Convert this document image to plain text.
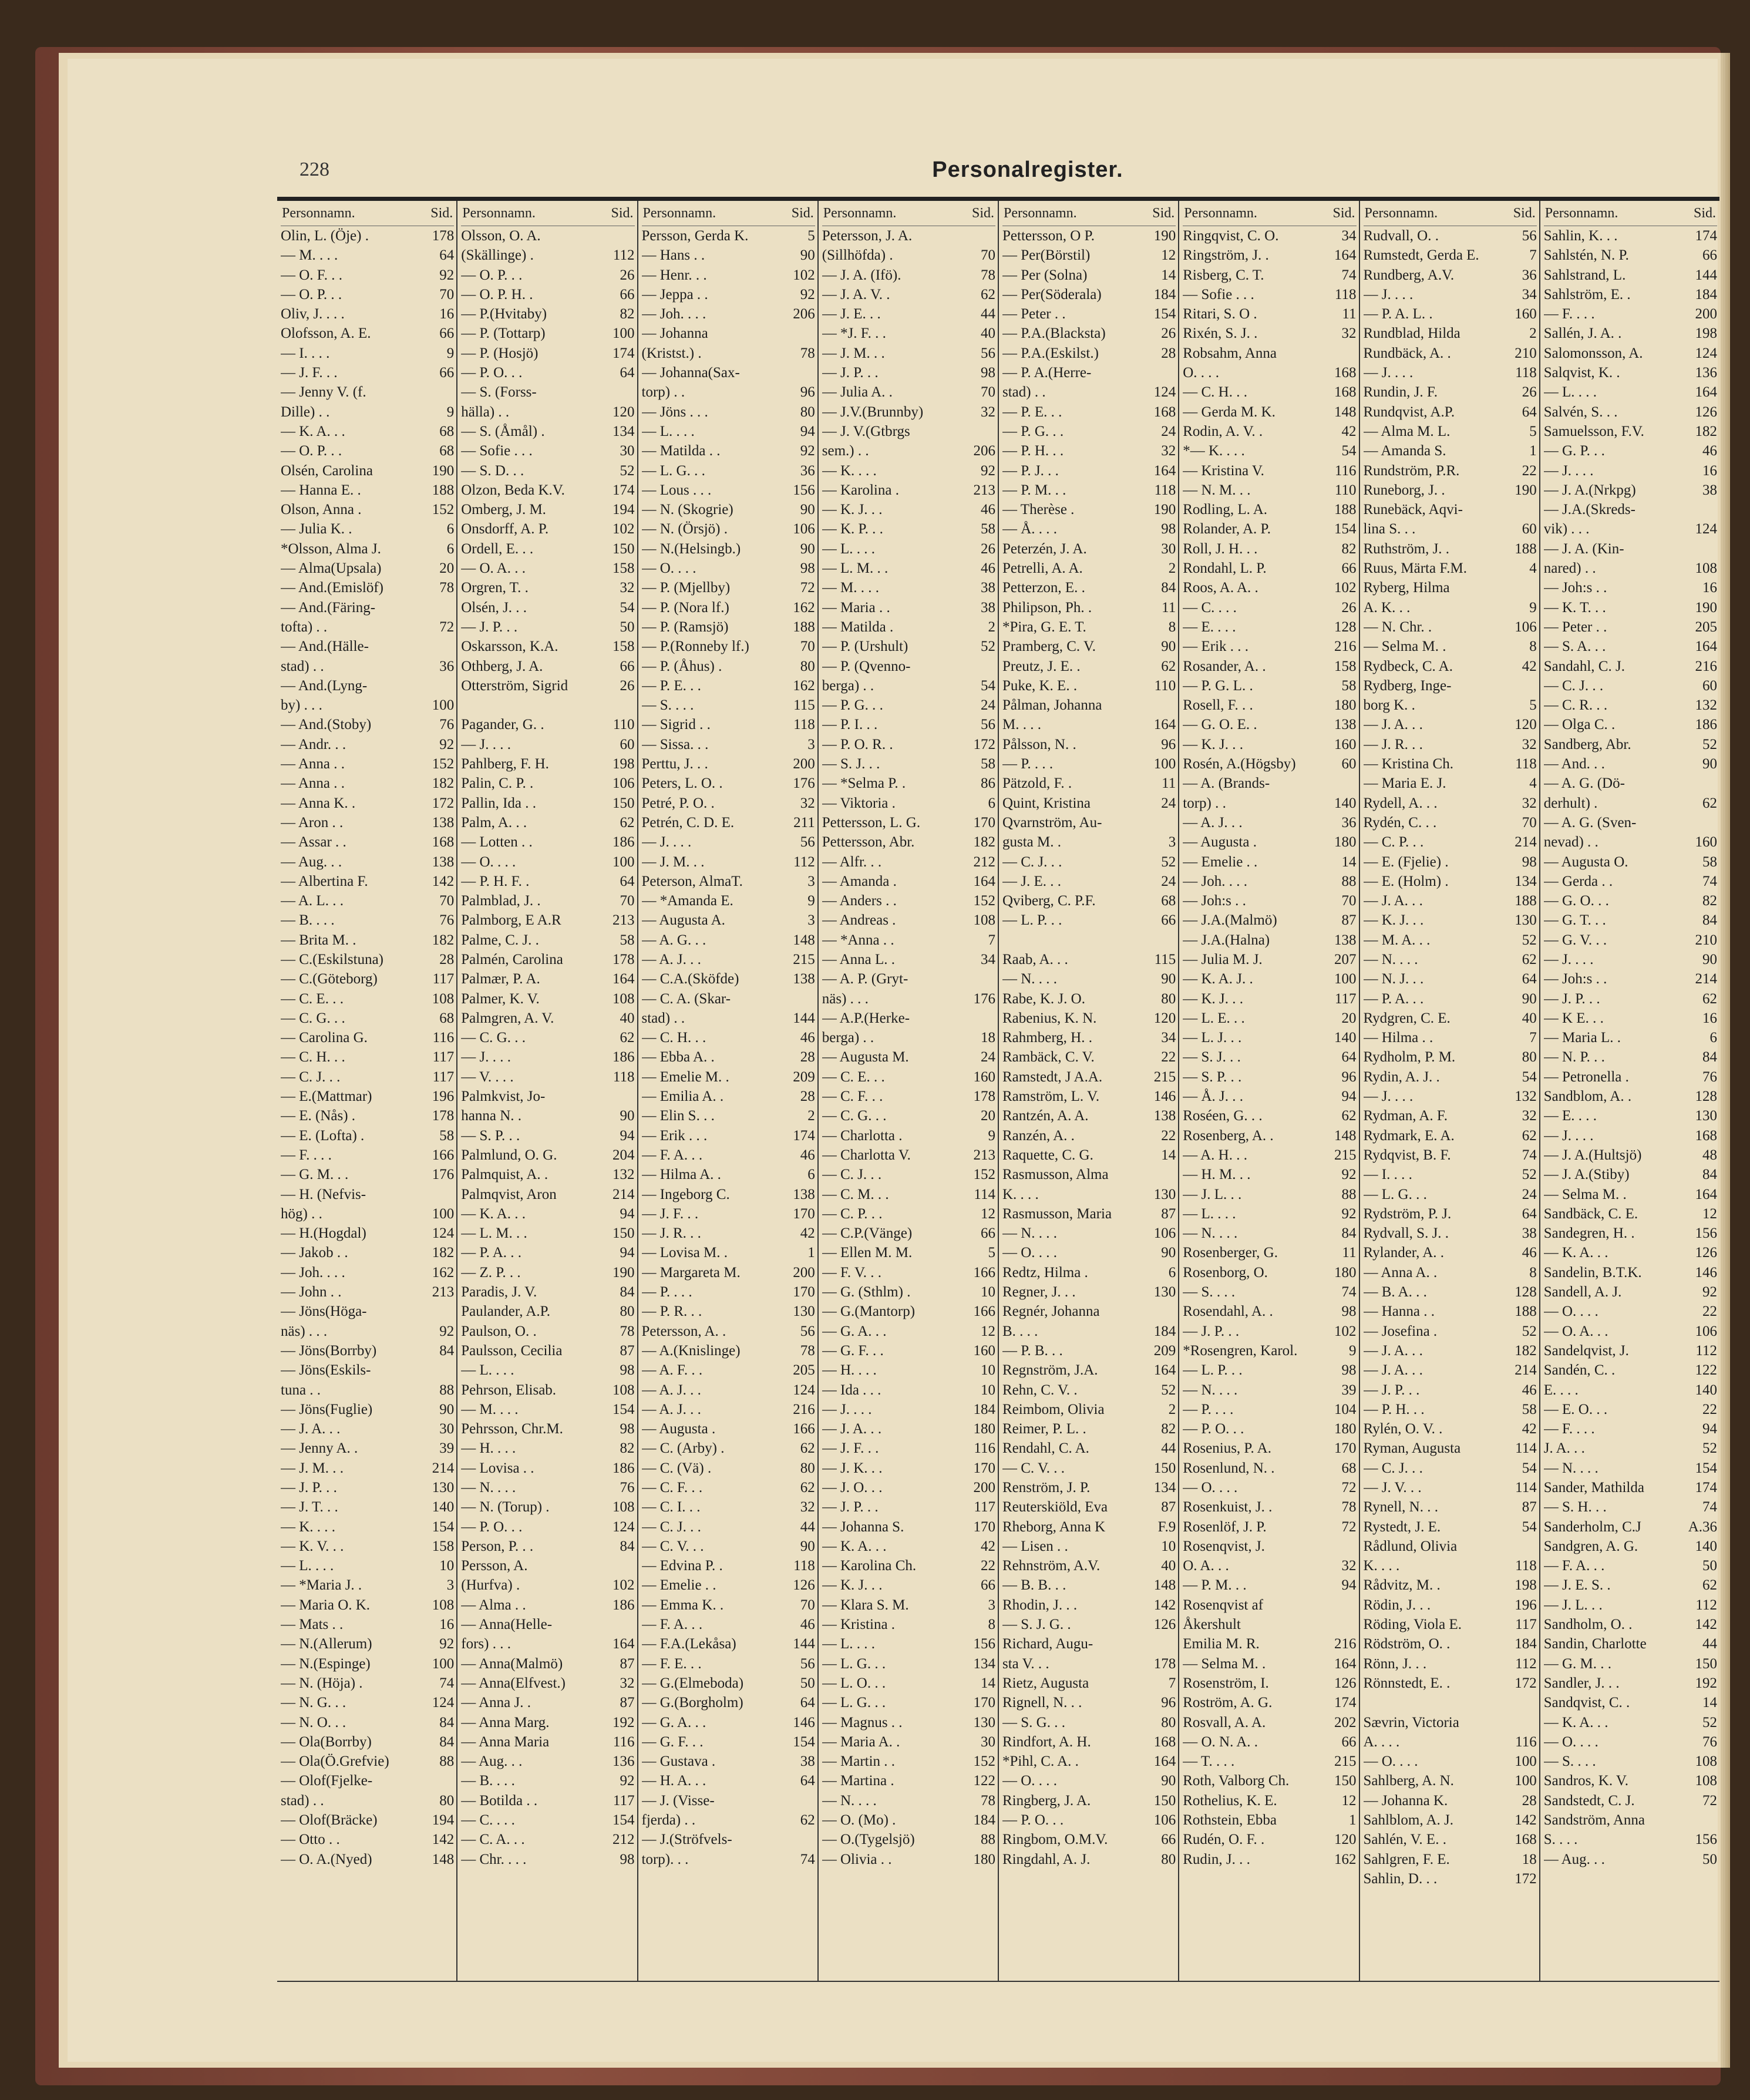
228	Personalregister.
Personnamn.	Sid.
Olin, L. (Öje) .	178
— M. . . .	64
— O. F. . .	92
— O. P. . .	70
Oliv, J. . . .	16
Olofsson, A. E.	66
— I. . . .	9
— J. F. . .	66
— Jenny V. (f.
Dille) . .	9
— K. A. . .	68
— O. P. . .	68
Olsén, Carolina	190
— Hanna E. .	188
Olson, Anna .	152
— Julia K. .	6
*Olsson, Alma J.	6
— Alma(Upsala)	20
— And.(Emislöf)	78
— And.(Färing-
tofta) . .	72
— And.(Hälle-
stad) . .	36
— And.(Lyng-
by) . . .	100
— And.(Stoby)	76
— Andr. . .	92
— Anna . .	152
— Anna . .	182
— Anna K. .	172
— Aron . .	138
— Assar . .	168
— Aug. . .	138
— Albertina F.	142
— A. L. . .	70
— B. . . .	76
— Brita M. .	182
— C.(Eskilstuna)	28
— C.(Göteborg)	117
— C. E. . .	108
— C. G. . .	68
— Carolina G.	116
— C. H. . .	117
— C. J. . .	117
— E.(Mattmar)	196
— E. (Nås) .	178
— E. (Lofta) .	58
— F. . . .	166
— G. M. . .	176
— H. (Nefvis-
hög) . .	100
— H.(Hogdal)	124
— Jakob . .	182
— Joh. . . .	162
— John . .	213
— Jöns(Höga-
näs) . . .	92
— Jöns(Borrby)	84
— Jöns(Eskils-
tuna . .	88
— Jöns(Fuglie)	90
— J. A. . .	30
— Jenny A. .	39
— J. M. . .	214
— J. P. . .	130
— J. T. . .	140
— K. . . .	154
— K. V. . .	158
— L. . . .	10
— *Maria J. .	3
— Maria O. K.	108
— Mats . .	16
— N.(Allerum)	92
— N.(Espinge)	100
— N. (Höja) .	74
— N. G. . .	124
— N. O. . .	84
— Ola(Borrby)	84
— Ola(Ö.Grefvie)	88
— Olof(Fjelke-
stad) . .	80
— Olof(Bräcke)	194
— Otto . .	142
— O. A.(Nyed)	148
Personnamn.	Sid.
Olsson, O. A.
(Skällinge) .	112
— O. P. . .	26
— O. P. H. .	66
— P.(Hvitaby)	82
— P. (Tottarp)	100
— P. (Hosjö)	174
— P. O. . .	64
— S. (Forss-
hälla) . .	120
— S. (Åmål) .	134
— Sofie . . .	30
— S. D. . .	52
Olzon, Beda K.V.	174
Omberg, J. M.	194
Onsdorff, A. P.	102
Ordell, E. . .	150
— O. A. . .	158
Orgren, T. .	32
Olsén, J. . .	54
— J. P. . .	50
Oskarsson, K.A.	158
Othberg, J. A.	66
Otterström, Sigrid	26
Pagander, G. .	110
— J. . . .	60
Pahlberg, F. H.	198
Palin, C. P. .	106
Pallin, Ida . .	150
Palm, A. . .	62
— Lotten . .	186
— O. . . .	100
— P. H. F. .	64
Palmblad, J. .	70
Palmborg, E A.R	213
Palme, C. J. .	58
Palmén, Carolina	178
Palmær, P. A.	164
Palmer, K. V.	108
Palmgren, A. V.	40
— C. G. . .	62
— J. . . .	186
— V. . . .	118
Palmkvist, Jo-
hanna N. .	90
— S. P. . .	94
Palmlund, O. G.	204
Palmquist, A. .	132
Palmqvist, Aron	214
— K. A. . .	94
— L. M. . .	150
— P. A. . .	94
— Z. P. . .	190
Paradis, J. V.	84
Paulander, A.P.	80
Paulson, O. .	78
Paulsson, Cecilia	87
— L. . . .	98
Pehrson, Elisab.	108
— M. . . .	154
Pehrsson, Chr.M.	98
— H. . . .	82
— Lovisa . .	186
— N. . . .	76
— N. (Torup) .	108
— P. O. . .	124
Person, P. . .	84
Persson, A.
(Hurfva) .	102
— Alma . .	186
— Anna(Helle-
fors) . . .	164
— Anna(Malmö)	87
— Anna(Elfvest.)	32
— Anna J. .	87
— Anna Marg.	192
— Anna Maria	116
— Aug. . .	136
— B. . . .	92
— Botilda . .	117
— C. . . .	154
— C. A. . .	212
— Chr. . . .	98
Personnamn.	Sid.
Persson, Gerda K.	5
— Hans . .	90
— Henr. . .	102
— Jeppa . .	92
— Joh. . . .	206
— Johanna
(Kristst.) .	78
— Johanna(Sax-
torp) . .	96
— Jöns . . .	80
— L. . . .	94
— Matilda . .	92
— L. G. . .	36
— Lous . . .	156
— N. (Skogrie)	90
— N. (Örsjö) .	106
— N.(Helsingb.)	90
— O. . . .	98
— P. (Mjellby)	72
— P. (Nora lf.)	162
— P. (Ramsjö)	188
— P.(Ronneby lf.)	70
— P. (Åhus) .	80
— P. E. . .	162
— S. . . .	115
— Sigrid . .	118
— Sissa. . .	3
Perttu, J. . .	200
Peters, L. O. .	176
Petré, P. O. .	32
Petrén, C. D. E.	211
— J. . . .	56
— J. M. . .	112
Peterson, AlmaT.	3
— *Amanda E.	9
— Augusta A.	3
— A. G. . .	148
— A. J. . .	215
— C.A.(Sköfde)	138
— C. A. (Skar-
stad) . .	144
— C. H. . .	46
— Ebba A. .	28
— Emelie M. .	209
— Emilia A. .	28
— Elin S. . .	2
— Erik . . .	174
— F. A. . .	46
— Hilma A. .	6
— Ingeborg C.	138
— J. F. . .	170
— J. R. . .	42
— Lovisa M. .	1
— Margareta M.	200
— P. . . .	170
— P. R. . .	130
Petersson, A. .	56
— A.(Knislinge)	78
— A. F. . .	205
— A. J. . .	124
— A. J. . .	216
— Augusta .	166
— C. (Arby) .	62
— C. (Vä) .	80
— C. F. . .	62
— C. I. . .	32
— C. J. . .	44
— C. V. . .	90
— Edvina P. .	118
— Emelie . .	126
— Emma K. .	70
— F. A. . .	46
— F.A.(Lekåsa)	144
— F. E. . .	56
— G.(Elmeboda)	50
— G.(Borgholm)	64
— G. A. . .	146
— G. F. . .	154
— Gustava .	38
— H. A. . .	64
— J. (Visse-
fjerda) . .	62
— J.(Ströfvels-
torp). . .	74
Personnamn.	Sid.
Petersson, J. A.
(Sillhöfda) .	70
— J. A. (Ifö).	78
— J. A. V. .	62
— J. E. . .	44
— *J. F. . .	40
— J. M. . .	56
— J. P. . .	98
— Julia A. .	70
— J.V.(Brunnby)	32
— J. V.(Gtbrgs
sem.) . .	206
— K. . . .	92
— Karolina .	213
— K. J. . .	46
— K. P. . .	58
— L. . . .	26
— L. M. . .	46
— M. . . .	38
— Maria . .	38
— Matilda .	2
— P. (Urshult)	52
— P. (Qvenno-
berga) . .	54
— P. G. . .	24
— P. I. . .	56
— P. O. R. .	172
— S. J. . .	58
— *Selma P. .	86
— Viktoria .	6
Pettersson, L. G.	170
Pettersson, Abr.	182
— Alfr. . .	212
— Amanda .	164
— Anders . .	152
— Andreas .	108
— *Anna . .	7
— Anna L. .	34
— A. P. (Gryt-
näs) . . .	176
— A.P.(Herke-
berga) . .	18
— Augusta M.	24
— C. E. . .	160
— C. F. . .	178
— C. G. . .	20
— Charlotta .	9
— Charlotta V.	213
— C. J. . .	152
— C. M. . .	114
— C. P. . .	12
— C.P.(Vänge)	66
— Ellen M. M.	5
— F. V. . .	166
— G. (Sthlm) .	10
— G.(Mantorp)	166
— G. A. . .	12
— G. F. . .	160
— H. . . .	10
— Ida . . .	10
— J. . . .	184
— J. A. . .	180
— J. F. . .	116
— J. K. . .	170
— J. O. . .	200
— J. P. . .	117
— Johanna S.	170
— K. A. . .	42
— Karolina Ch.	22
— K. J. . .	66
— Klara S. M.	3
— Kristina .	8
— L. . . .	156
— L. G. . .	134
— L. O. . .	14
— L. G. . .	170
— Magnus . .	130
— Maria A. .	30
— Martin . .	152
— Martina .	122
— N. . . .	78
— O. (Mo) .	184
— O.(Tygelsjö)	88
— Olivia . .	180
Personnamn.	Sid.
Pettersson, O P.	190
— Per(Börstil)	12
— Per (Solna)	14
— Per(Söderala)	184
— Peter . .	154
— P.A.(Blacksta)	26
— P.A.(Eskilst.)	28
— P. A.(Herre-
stad) . .	124
— P. E. . .	168
— P. G. . .	24
— P. H. . .	32
— P. J. . .	164
— P. M. . .	118
— Therèse .	190
— Å. . . .	98
Peterzén, J. A.	30
Petrelli, A. A.	2
Petterzon, E. .	84
Philipson, Ph. .	11
*Pira, G. E. T.	8
Pramberg, C. V.	90
Preutz, J. E. .	62
Puke, K. E. .	110
Pålman, Johanna
M. . . .	164
Pålsson, N. .	96
— P. . . .	100
Pätzold, F. .	11
Quint, Kristina	24
Qvarnström, Au-
gusta M. .	3
— C. J. . .	52
— J. E. . .	24
Qviberg, C. P.F.	68
— L. P. . .	66
Raab, A. . .	115
— N. . . .	90
Rabe, K. J. O.	80
Rabenius, K. N.	120
Rahmberg, H. .	34
Rambäck, C. V.	22
Ramstedt, J A.A.	215
Ramström, L. V.	146
Rantzén, A. A.	138
Ranzén, A. .	22
Raquette, C. G.	14
Rasmusson, Alma
K. . . .	130
Rasmusson, Maria	87
— N. . . .	106
— O. . . .	90
Redtz, Hilma .	6
Regner, J. . .	130
Regnér, Johanna
B. . . .	184
— P. B. . .	209
Regnström, J.A.	164
Rehn, C. V. .	52
Reimbom, Olivia	2
Reimer, P. L. .	82
Rendahl, C. A.	44
— C. V. . .	150
Renström, J. P.	134
Reuterskiöld, Eva	87
Rheborg, Anna K	F.9
— Lisen . .	10
Rehnström, A.V.	40
— B. B. . .	148
Rhodin, J. . .	142
— S. J. G. .	126
Richard, Augu-
sta V. . .	178
Rietz, Augusta	7
Rignell, N. . .	96
— S. G. . .	80
Rindfort, A. H.	168
*Pihl, C. A. .	164
— O. . . .	90
Ringberg, J. A.	150
— P. O. . .	106
Ringbom, O.M.V.	66
Ringdahl, A. J.	80
Personnamn.	Sid.
Ringqvist, C. O.	34
Ringström, J. .	164
Risberg, C. T.	74
— Sofie . . .	118
Ritari, S. O .	11
Rixén, S. J. .	32
Robsahm, Anna
O. . . .	168
— C. H. . .	168
— Gerda M. K.	148
Rodin, A. V. .	42
*— K. . . .	54
— Kristina V.	116
— N. M. . .	110
Rodling, L. A.	188
Rolander, A. P.	154
Roll, J. H. . .	82
Rondahl, L. P.	66
Roos, A. A. .	102
— C. . . .	26
— E. . . .	128
— Erik . . .	216
Rosander, A. .	158
— P. G. L. .	58
Rosell, F. . .	180
— G. O. E. .	138
— K. J. . .	160
Rosén, A.(Högsby)	60
— A. (Brands-
torp) . .	140
— A. J. . .	36
— Augusta .	180
— Emelie . .	14
— Joh. . . .	88
— Joh:s . .	70
— J.A.(Malmö)	87
— J.A.(Halna)	138
— Julia M. J.	207
— K. A. J. .	100
— K. J. . .	117
— L. E. . .	20
— L. J. . .	140
— S. J. . .	64
— S. P. . .	96
— Å. J. . .	94
Roséen, G. . .	62
Rosenberg, A. .	148
— A. H. . .	215
— H. M. . .	92
— J. L. . .	88
— L. . . .	92
— N. . . .	84
Rosenberger, G.	11
Rosenborg, O.	180
— S. . . .	74
Rosendahl, A. .	98
— J. P. . .	102
*Rosengren, Karol.	9
— L. P. . .	98
— N. . . .	39
— P. . . .	104
— P. O. . .	180
Rosenius, P. A.	170
Rosenlund, N. .	68
— O. . . .	72
Rosenkuist, J. .	78
Rosenlöf, J. P.	72
Rosenqvist, J.
O. A. . .	32
— P. M. . .	94
Rosenqvist af
Åkershult
Emilia M. R.	216
— Selma M. .	164
Rosenström, I.	126
Roström, A. G.	174
Rosvall, A. A.	202
— O. N. A. .	66
— T. . . .	215
Roth, Valborg Ch.	150
Rothelius, K. E.	12
Rothstein, Ebba	1
Rudén, O. F. .	120
Rudin, J. . .	162
Personnamn.	Sid.
Rudvall, O. .	56
Rumstedt, Gerda E.	7
Rundberg, A.V.	36
— J. . . .	34
— P. A. L. .	160
Rundblad, Hilda	2
Rundbäck, A. .	210
— J. . . .	118
Rundin, J. F.	26
Rundqvist, A.P.	64
— Alma M. L.	5
— Amanda S.	1
Rundström, P.R.	22
Runeborg, J. .	190
Runebäck, Aqvi-
lina S. . .	60
Ruthström, J. .	188
Ruus, Märta F.M.	4
Ryberg, Hilma
A. K. . .	9
— N. Chr. .	106
— Selma M. .	8
Rydbeck, C. A.	42
Rydberg, Inge-
borg K. .	5
— J. A. . .	120
— J. R. . .	32
— Kristina Ch.	118
— Maria E. J.	4
Rydell, A. . .	32
Rydén, C. . .	70
— C. P. . .	214
— E. (Fjelie) .	98
— E. (Holm) .	134
— J. A. . .	188
— K. J. . .	130
— M. A. . .	52
— N. . . .	62
— N. J. . .	64
— P. A. . .	90
Rydgren, C. E.	40
— Hilma . .	7
Rydholm, P. M.	80
Rydin, A. J. .	54
— J. . . .	132
Rydman, A. F.	32
Rydmark, E. A.	62
Rydqvist, B. F.	74
— I. . . .	52
— L. G. . .	24
Rydström, P. J.	64
Rydvall, S. J. .	38
Rylander, A. .	46
— Anna A. .	8
— B. A. . .	128
— Hanna . .	188
— Josefina .	52
— J. A. . .	182
— J. A. . .	214
— J. P. . .	46
— P. H. . .	58
Rylén, O. V. .	42
Ryman, Augusta	114
— C. J. . .	54
— J. V. . .	114
Rynell, N. . .	87
Rystedt, J. E.	54
Rådlund, Olivia
K. . . .	118
Rådvitz, M. .	198
Rödin, J. . .	196
Röding, Viola E.	117
Rödström, O. .	184
Rönn, J. . .	112
Rönnstedt, E. .	172
Sævrin, Victoria
A. . . .	116
— O. . . .	100
Sahlberg, A. N.	100
— Johanna K.	28
Sahlblom, A. J.	142
Sahlén, V. E. .	168
Sahlgren, F. E.	18
Sahlin, D. . .	172
Personnamn.	Sid.
Sahlin, K. . .	174
Sahlstén, N. P.	66
Sahlstrand, L.	144
Sahlström, E. .	184
— F. . . .	200
Sallén, J. A. .	198
Salomonsson, A.	124
Salqvist, K. .	136
— L. . . .	164
Salvén, S. . .	126
Samuelsson, F.V.	182
— G. P. . .	46
— J. . . .	16
— J. A.(Nrkpg)	38
— J.A.(Skreds-
vik) . . .	124
— J. A. (Kin-
nared) . .	108
— Joh:s . .	16
— K. T. . .	190
— Peter . .	205
— S. A. . .	164
Sandahl, C. J.	216
— C. J. . .	60
— C. R. . .	132
— Olga C. .	186
Sandberg, Abr.	52
— And. . .	90
— A. G. (Dö-
derhult) .	62
— A. G. (Sven-
nevad) . .	160
— Augusta O.	58
— Gerda . .	74
— G. O. . .	82
— G. T. . .	84
— G. V. . .	210
— J. . . .	90
— Joh:s . .	214
— J. P. . .	62
— K E. . .	16
— Maria L. .	6
— N. P. . .	84
— Petronella .	76
Sandblom, A. .	128
— E. . . .	130
— J. . . .	168
— J. A.(Hultsjö)	48
— J. A.(Stiby)	84
— Selma M. .	164
Sandbäck, C. E.	12
Sandegren, H. .	156
— K. A. . .	126
Sandelin, B.T.K.	146
Sandell, A. J.	92
— O. . . .	22
— O. A. . .	106
Sandelqvist, J.	112
Sandén, C. .	122
E. . . .	140
— E. O. . .	22
— F. . . .	94
J. A. . .	52
— N. . . .	154
Sander, Mathilda	174
— S. H. . .	74
Sanderholm, C.J	A.36
Sandgren, A. G.	140
— F. A. . .	50
— J. E. S. .	62
— J. L. . .	112
Sandholm, O. .	142
Sandin, Charlotte	44
— G. M. . .	150
Sandler, J. . .	192
Sandqvist, C. .	14
— K. A. . .	52
— O. . . .	76
— S. . . .	108
Sandros, K. V.	108
Sandstedt, C. J.	72
Sandström, Anna
S. . . .	156
— Aug. . .	50
